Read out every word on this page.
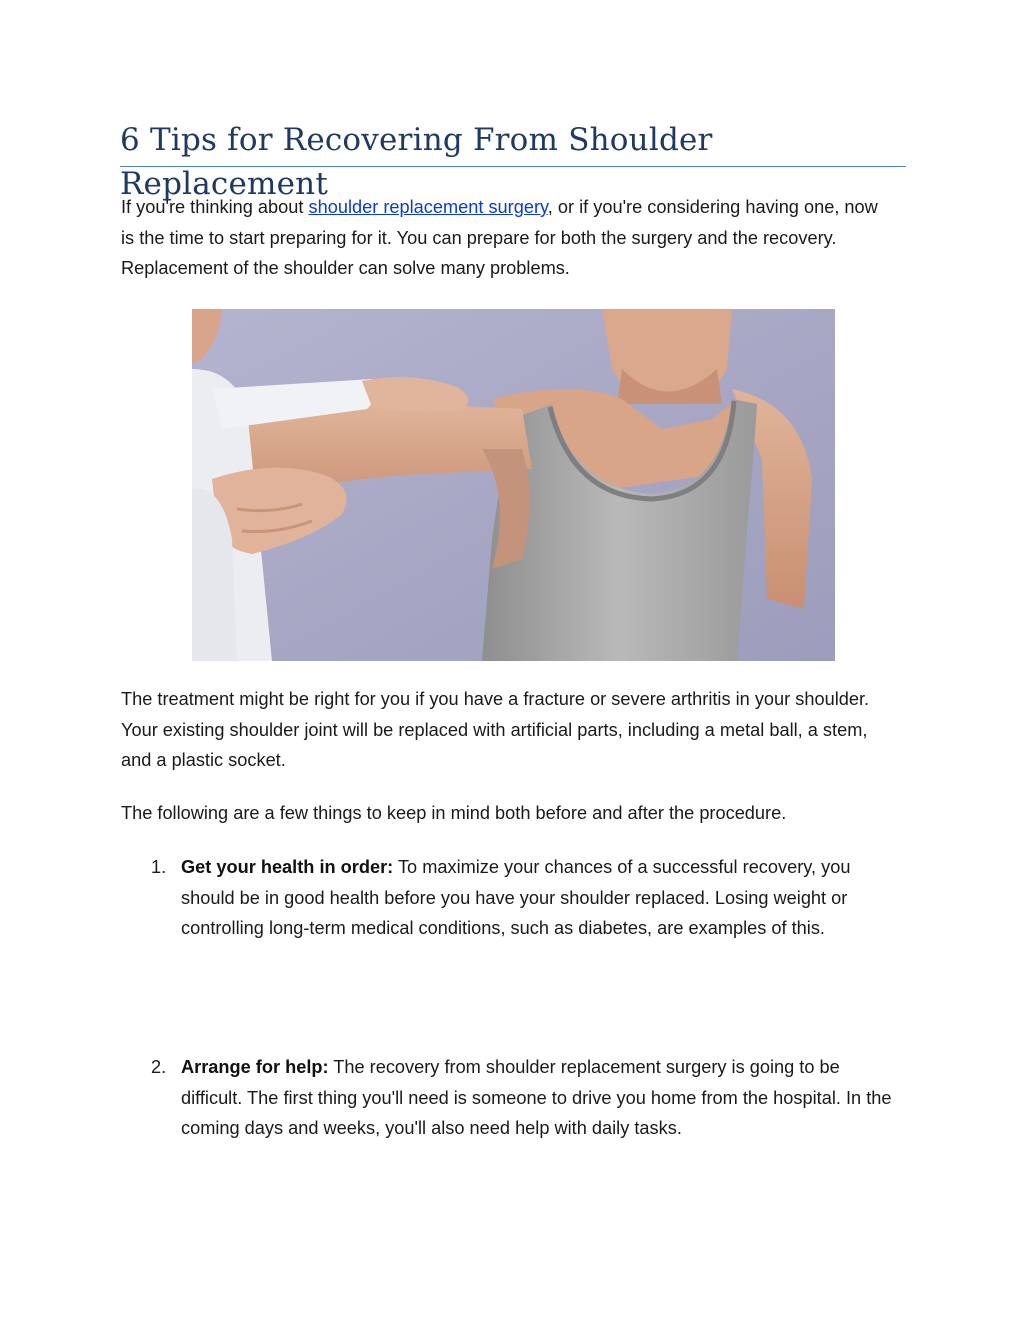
6 Tips for Recovering From Shoulder Replacement

If you're thinking about shoulder replacement surgery, or if you're considering having one, now is the time to start preparing for it. You can prepare for both the surgery and the recovery. Replacement of the shoulder can solve many problems.

The treatment might be right for you if you have a fracture or severe arthritis in your shoulder. Your existing shoulder joint will be replaced with artificial parts, including a metal ball, a stem, and a plastic socket.

The following are a few things to keep in mind both before and after the procedure.

1. Get your health in order: To maximize your chances of a successful recovery, you should be in good health before you have your shoulder replaced. Losing weight or controlling long-term medical conditions, such as diabetes, are examples of this.

2. Arrange for help: The recovery from shoulder replacement surgery is going to be difficult. The first thing you'll need is someone to drive you home from the hospital. In the coming days and weeks, you'll also need help with daily tasks.
